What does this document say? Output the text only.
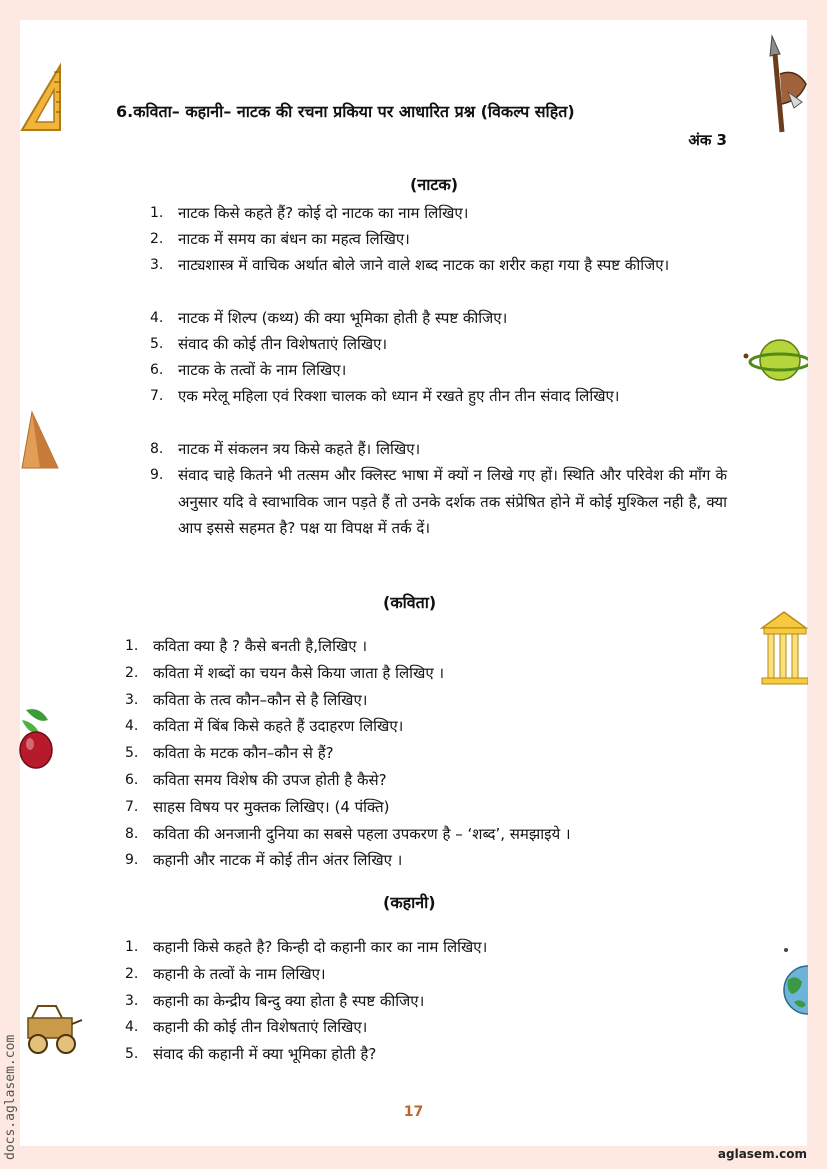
6.कविता– कहानी– नाटक की रचना प्रकिया पर आधारित प्रश्न (विकल्प सहित)
अंक 3
(नाटक)
1. नाटक किसे कहते हैं? कोई दो नाटक का नाम लिखिए।
2. नाटक में समय का बंधन का महत्व लिखिए।
3. नाट्यशास्त्र में वाचिक अर्थात बोले जाने वाले शब्द नाटक का शरीर कहा गया है स्पष्ट कीजिए।
4. नाटक में शिल्प (कथ्य) की क्या भूमिका होती है स्पष्ट कीजिए।
5. संवाद की कोई तीन विशेषताएं लिखिए।
6. नाटक के तत्वों के नाम लिखिए।
7. एक मरेलू महिला एवं रिक्शा चालक को ध्यान में रखते हुए तीन तीन संवाद लिखिए।
8. नाटक में संकलन त्रय किसे कहते हैं। लिखिए।
9. संवाद चाहे कितने भी तत्सम और क्लिस्ट भाषा में क्यों न लिखे गए हों। स्थिति और परिवेश की माँग के अनुसार यदि वे स्वाभाविक जान पड़ते हैं तो उनके दर्शक तक संप्रेषित होने में कोई मुश्किल नही है, क्या आप इससे सहमत है? पक्ष या विपक्ष में तर्क दें।
(कविता)
1. कविता क्या है ? कैसे बनती है,लिखिए ।
2. कविता में शब्दों का चयन कैसे किया जाता है लिखिए ।
3. कविता के तत्व कौन–कौन से है लिखिए।
4. कविता में बिंब किसे कहते हैं उदाहरण लिखिए।
5. कविता के मटक कौन–कौन से हैं?
6. कविता समय विशेष की उपज होती है कैसे?
7. साहस विषय पर मुक्तक लिखिए। (4 पंक्ति)
8. कविता की अनजानी दुनिया का सबसे पहला उपकरण है – ‘शब्द’, समझाइये ।
9. कहानी और नाटक में कोई तीन अंतर लिखिए ।
(कहानी)
1. कहानी किसे कहते है? किन्ही दो कहानी कार का नाम लिखिए।
2. कहानी के तत्वों के नाम लिखिए।
3. कहानी का केन्द्रीय बिन्दु क्या होता है स्पष्ट कीजिए।
4. कहानी की कोई तीन विशेषताएं लिखिए।
5. संवाद की कहानी में क्या भूमिका होती है?
17
aglasem.com
docs.aglasem.com
